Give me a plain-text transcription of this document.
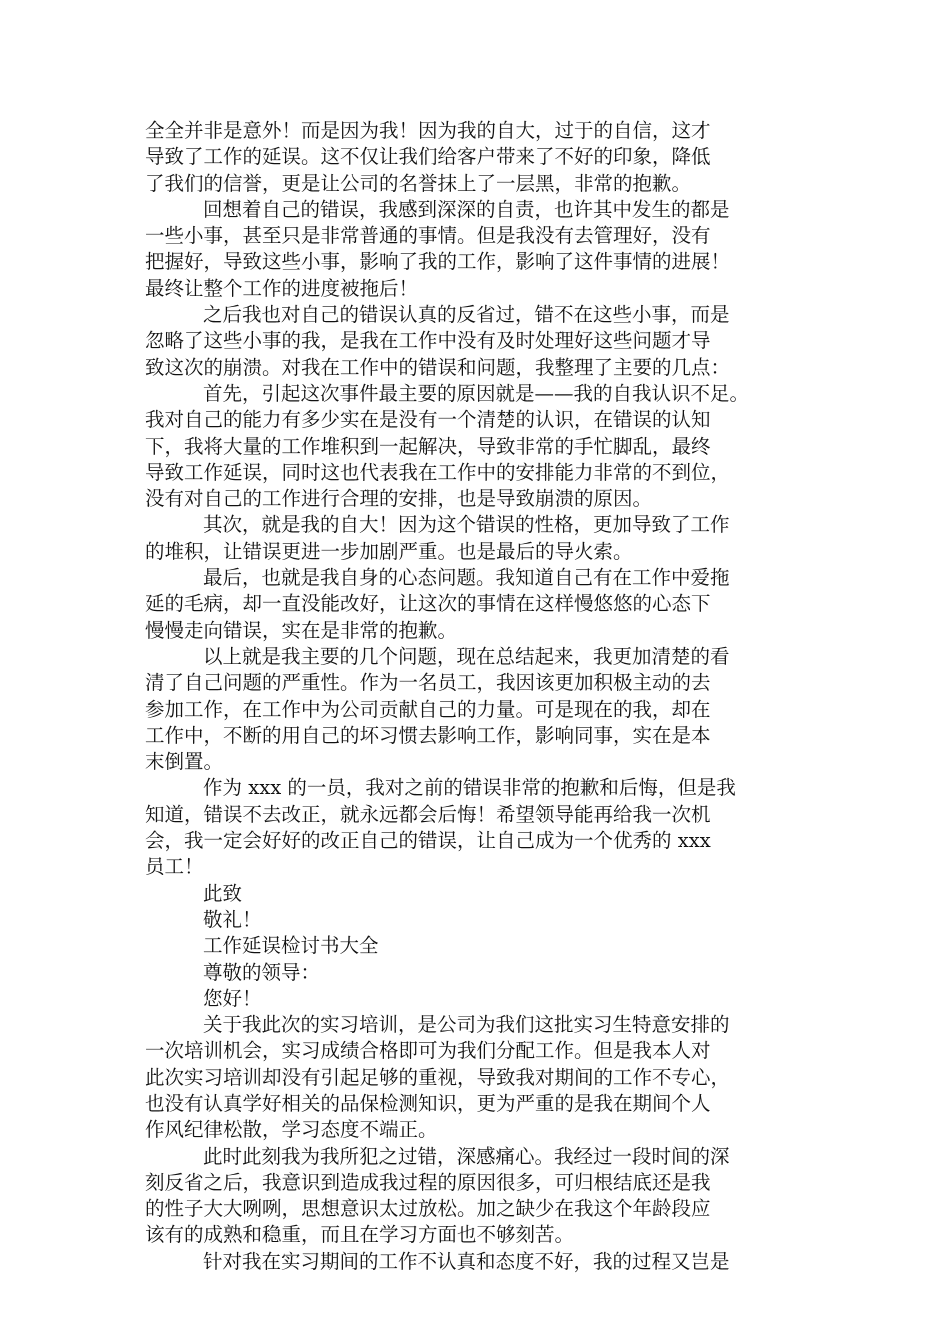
全全并非是意外！而是因为我！因为我的自大，过于的自信，这才
导致了工作的延误。这不仅让我们给客户带来了不好的印象，降低
了我们的信誉，更是让公司的名誉抹上了一层黑，非常的抱歉。
回想着自己的错误，我感到深深的自责，也许其中发生的都是
一些小事，甚至只是非常普通的事情。但是我没有去管理好，没有
把握好，导致这些小事，影响了我的工作，影响了这件事情的进展！
最终让整个工作的进度被拖后！
之后我也对自己的错误认真的反省过，错不在这些小事，而是
忽略了这些小事的我，是我在工作中没有及时处理好这些问题才导
致这次的崩溃。对我在工作中的错误和问题，我整理了主要的几点：
首先，引起这次事件最主要的原因就是——我的自我认识不足。
我对自己的能力有多少实在是没有一个清楚的认识，在错误的认知
下，我将大量的工作堆积到一起解决，导致非常的手忙脚乱，最终
导致工作延误，同时这也代表我在工作中的安排能力非常的不到位，
没有对自己的工作进行合理的安排，也是导致崩溃的原因。
其次，就是我的自大！因为这个错误的性格，更加导致了工作
的堆积，让错误更进一步加剧严重。也是最后的导火索。
最后，也就是我自身的心态问题。我知道自己有在工作中爱拖
延的毛病，却一直没能改好，让这次的事情在这样慢悠悠的心态下
慢慢走向错误，实在是非常的抱歉。
以上就是我主要的几个问题，现在总结起来，我更加清楚的看
清了自己问题的严重性。作为一名员工，我因该更加积极主动的去
参加工作，在工作中为公司贡献自己的力量。可是现在的我，却在
工作中，不断的用自己的坏习惯去影响工作，影响同事，实在是本
末倒置。
作为 xxx 的一员，我对之前的错误非常的抱歉和后悔，但是我
知道，错误不去改正，就永远都会后悔！希望领导能再给我一次机
会，我一定会好好的改正自己的错误，让自己成为一个优秀的 xxx
员工！
此致
敬礼！
工作延误检讨书大全
尊敬的领导：
您好！
关于我此次的实习培训，是公司为我们这批实习生特意安排的
一次培训机会，实习成绩合格即可为我们分配工作。但是我本人对
此次实习培训却没有引起足够的重视，导致我对期间的工作不专心，
也没有认真学好相关的品保检测知识，更为严重的是我在期间个人
作风纪律松散，学习态度不端正。
此时此刻我为我所犯之过错，深感痛心。我经过一段时间的深
刻反省之后，我意识到造成我过程的原因很多，可归根结底还是我
的性子大大咧咧，思想意识太过放松。加之缺少在我这个年龄段应
该有的成熟和稳重，而且在学习方面也不够刻苦。
针对我在实习期间的工作不认真和态度不好，我的过程又岂是
